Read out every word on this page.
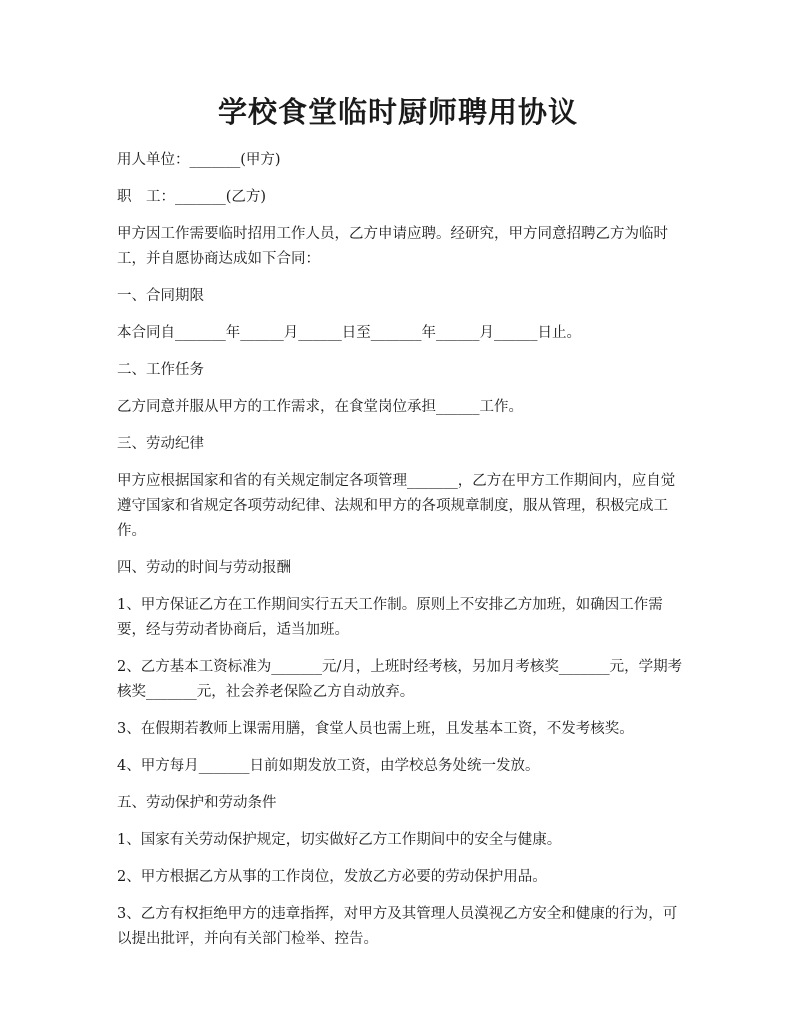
学校食堂临时厨师聘用协议

用人单位：_______(甲方)

职　工：_______(乙方)

甲方因工作需要临时招用工作人员，乙方申请应聘。经研究，甲方同意招聘乙方为临时工，并自愿协商达成如下合同：

一、合同期限

本合同自_______年______月______日至_______年______月______日止。

二、工作任务

乙方同意并服从甲方的工作需求，在食堂岗位承担______工作。

三、劳动纪律

甲方应根据国家和省的有关规定制定各项管理_______，乙方在甲方工作期间内，应自觉遵守国家和省规定各项劳动纪律、法规和甲方的各项规章制度，服从管理，积极完成工作。

四、劳动的时间与劳动报酬

1、甲方保证乙方在工作期间实行五天工作制。原则上不安排乙方加班，如确因工作需要，经与劳动者协商后，适当加班。

2、乙方基本工资标准为_______元/月，上班时经考核，另加月考核奖_______元，学期考核奖_______元，社会养老保险乙方自动放弃。

3、在假期若教师上课需用膳，食堂人员也需上班，且发基本工资，不发考核奖。

4、甲方每月_______日前如期发放工资，由学校总务处统一发放。

五、劳动保护和劳动条件

1、国家有关劳动保护规定，切实做好乙方工作期间中的安全与健康。

2、甲方根据乙方从事的工作岗位，发放乙方必要的劳动保护用品。

3、乙方有权拒绝甲方的违章指挥，对甲方及其管理人员漠视乙方安全和健康的行为，可以提出批评，并向有关部门检举、控告。
